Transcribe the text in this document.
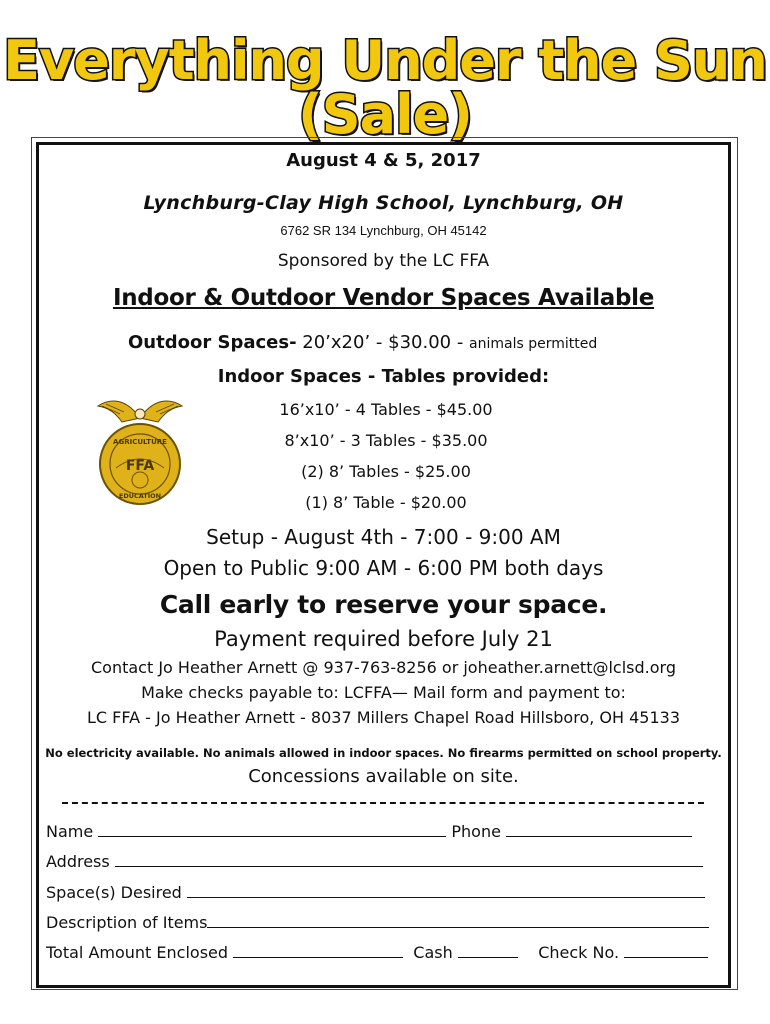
Everything Under the Sun (Sale)
August 4 & 5, 2017
Lynchburg-Clay High School, Lynchburg, OH
6762 SR 134 Lynchburg, OH 45142
Sponsored by the LC FFA
Indoor & Outdoor Vendor Spaces Available
Outdoor Spaces- 20’x20’ - $30.00 - animals permitted
Indoor Spaces - Tables provided:
AGRICULTURE
FFA
EDUCATION
16’x10’ - 4 Tables - $45.00
8’x10’ - 3 Tables - $35.00
(2) 8’ Tables - $25.00
(1) 8’ Table - $20.00
Setup - August 4th - 7:00 - 9:00 AM
Open to Public 9:00 AM - 6:00 PM both days
Call early to reserve your space.
Payment required before July 21
Contact Jo Heather Arnett @ 937-763-8256 or joheather.arnett@lclsd.org
Make checks payable to: LCFFA— Mail form and payment to:
LC FFA - Jo Heather Arnett - 8037 Millers Chapel Road Hillsboro, OH 45133
No electricity available. No animals allowed in indoor spaces. No firearms permitted on school property.
Concessions available on site.
Name	Phone
Address
Space(s) Desired
Description of Items
Total Amount Enclosed	Cash	Check No.
